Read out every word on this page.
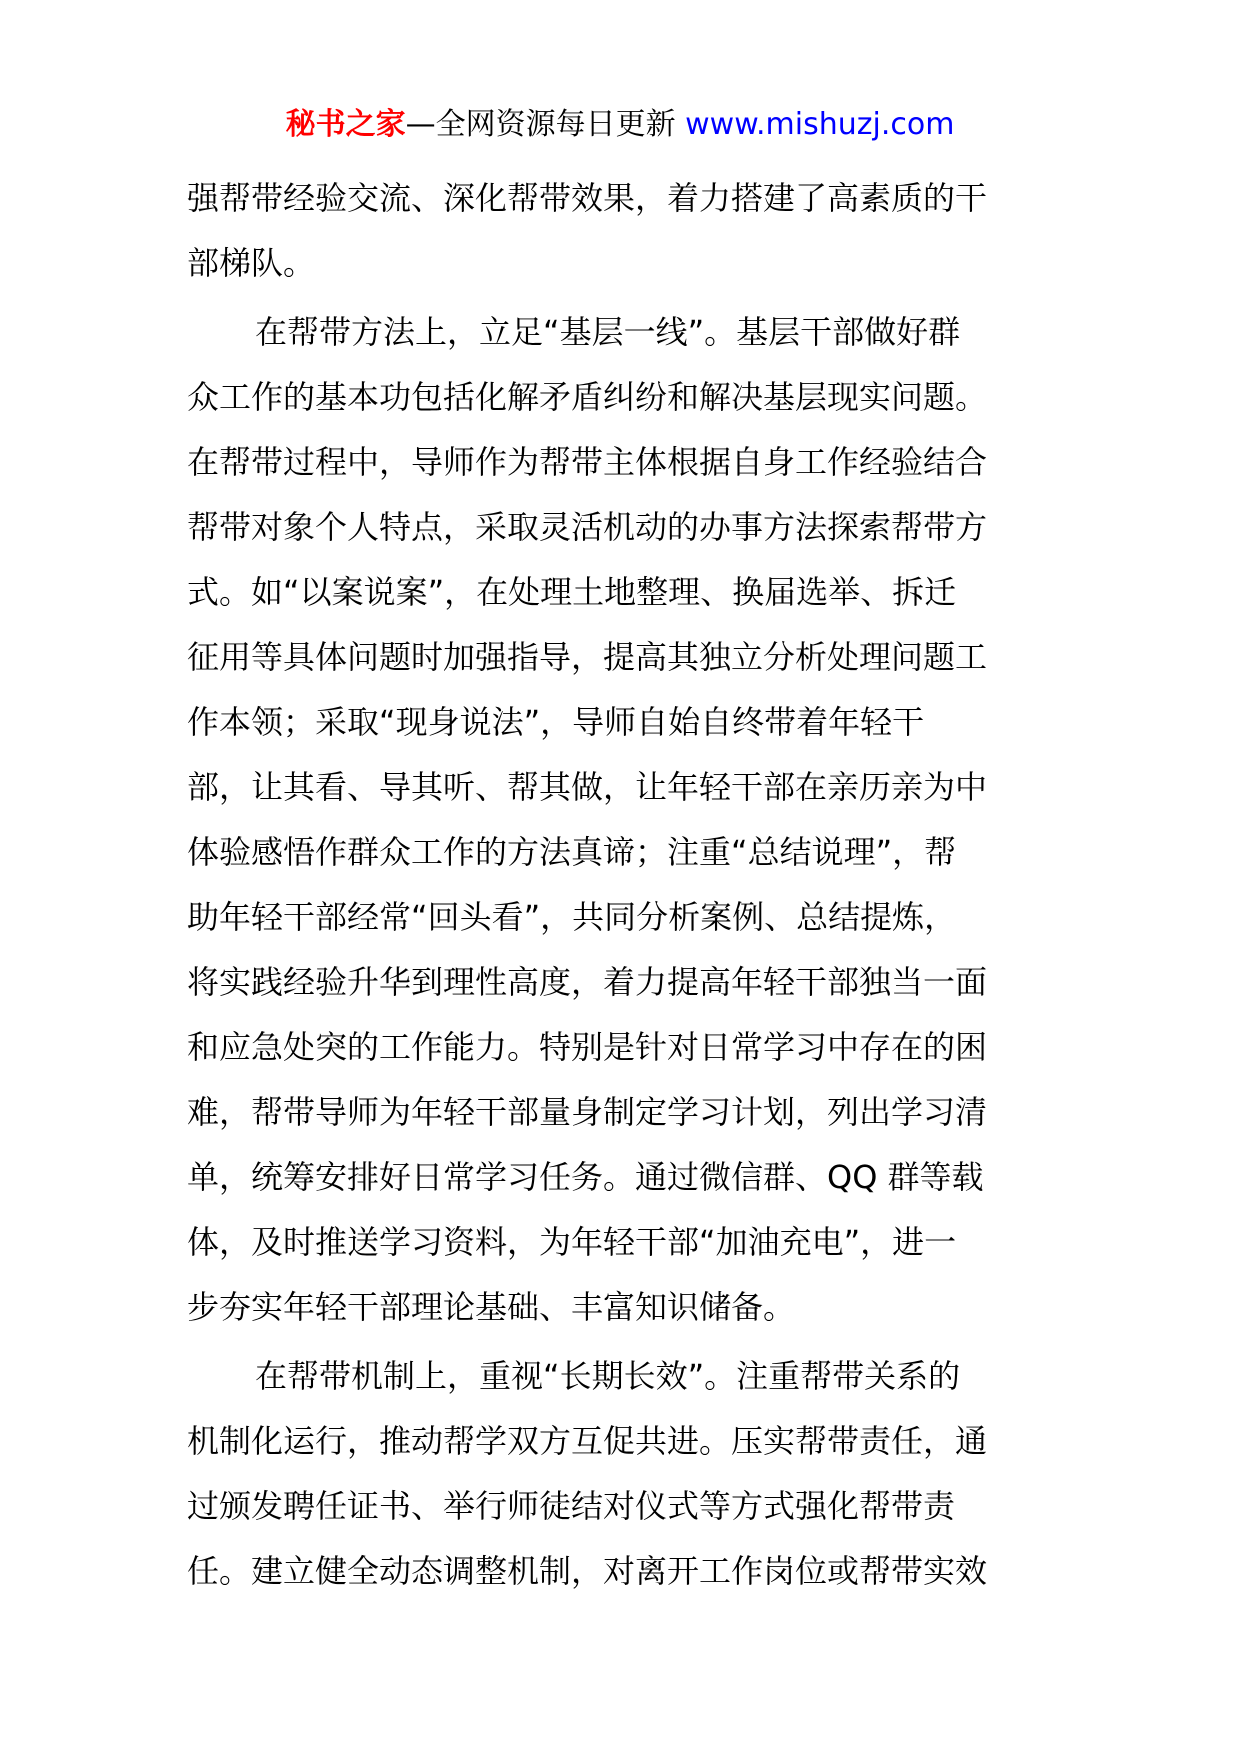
秘书之家—全网资源每日更新 www.mishuzj.com
强帮带经验交流、深化帮带效果，着力搭建了高素质的干
部梯队。
在帮带方法上，立足“基层一线”。基层干部做好群
众工作的基本功包括化解矛盾纠纷和解决基层现实问题。
在帮带过程中，导师作为帮带主体根据自身工作经验结合
帮带对象个人特点，采取灵活机动的办事方法探索帮带方
式。如“以案说案”，在处理土地整理、换届选举、拆迁
征用等具体问题时加强指导，提高其独立分析处理问题工
作本领；采取“现身说法”，导师自始自终带着年轻干
部，让其看、导其听、帮其做，让年轻干部在亲历亲为中
体验感悟作群众工作的方法真谛；注重“总结说理”，帮
助年轻干部经常“回头看”，共同分析案例、总结提炼，
将实践经验升华到理性高度，着力提高年轻干部独当一面
和应急处突的工作能力。特别是针对日常学习中存在的困
难，帮带导师为年轻干部量身制定学习计划，列出学习清
单，统筹安排好日常学习任务。通过微信群、QQ 群等载
体，及时推送学习资料，为年轻干部“加油充电”，进一
步夯实年轻干部理论基础、丰富知识储备。
在帮带机制上，重视“长期长效”。注重帮带关系的
机制化运行，推动帮学双方互促共进。压实帮带责任，通
过颁发聘任证书、举行师徒结对仪式等方式强化帮带责
任。建立健全动态调整机制，对离开工作岗位或帮带实效
